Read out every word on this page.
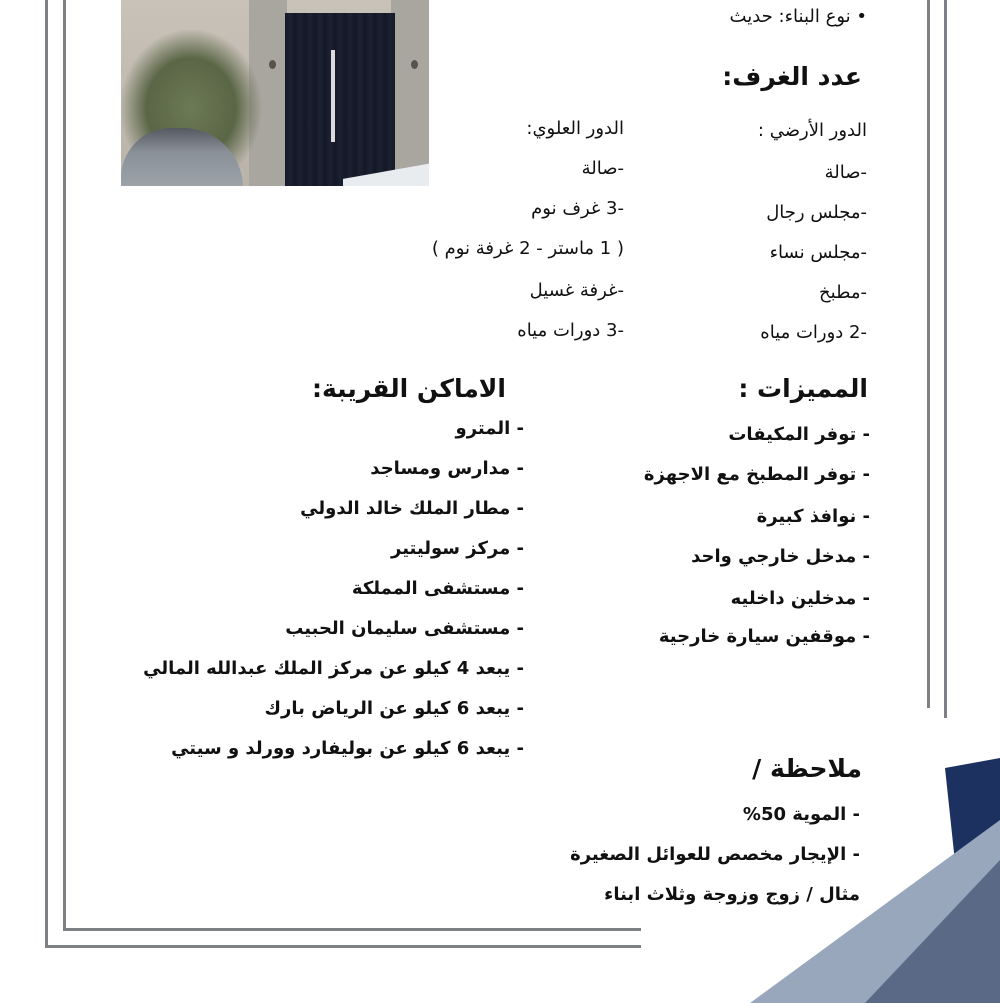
• نوع البناء: حديث
عدد الغرف:
الدور الأرضي :
-صالة
-مجلس رجال
-مجلس نساء
-مطبخ
-2 دورات مياه
الدور العلوي:
-صالة
-3 غرف نوم
( 1 ماستر - 2 غرفة نوم )
-غرفة غسيل
-3 دورات مياه
المميزات :
- توفر المكيفات
- توفر المطبخ مع الاجهزة
- نوافذ كبيرة
- مدخل خارجي واحد
- مدخلين داخليه
- موقفين سيارة خارجية
الاماكن القريبة:
- المترو
- مدارس ومساجد
- مطار الملك خالد الدولي
- مركز سوليتير
- مستشفى المملكة
- مستشفى سليمان الحبيب
- يبعد 4 كيلو عن مركز الملك عبدالله المالي
- يبعد 6 كيلو عن الرياض بارك
- يبعد 6 كيلو عن بوليفارد وورلد و سيتي
ملاحظة /
- الموية 50%
- الإيجار مخصص للعوائل الصغيرة
مثال / زوج وزوجة وثلاث ابناء
